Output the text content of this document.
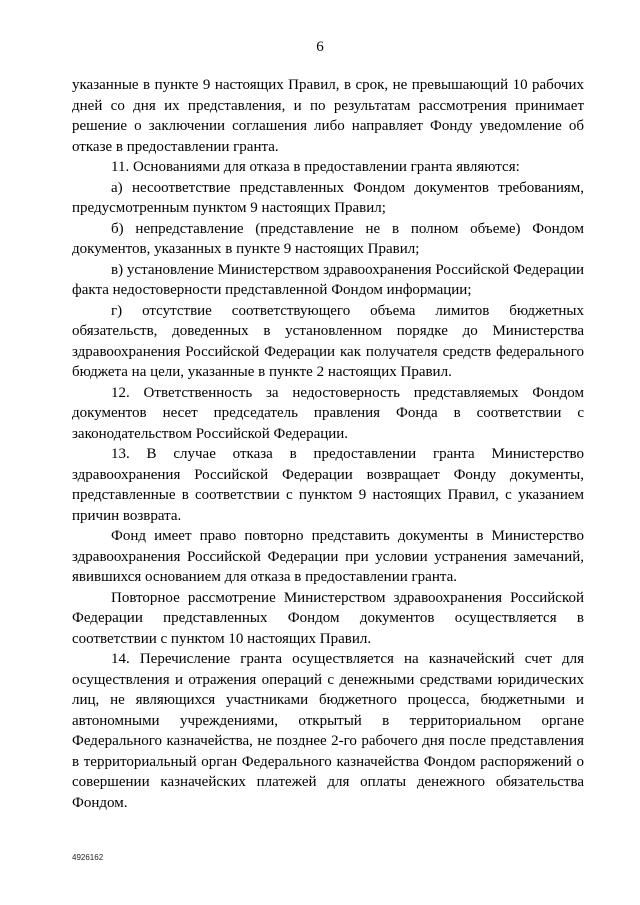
6

указанные в пункте 9 настоящих Правил, в срок, не превышающий 10 рабочих дней со дня их представления, и по результатам рассмотрения принимает решение о заключении соглашения либо направляет Фонду уведомление об отказе в предоставлении гранта.

11. Основаниями для отказа в предоставлении гранта являются:

а) несоответствие представленных Фондом документов требованиям, предусмотренным пунктом 9 настоящих Правил;

б) непредставление (представление не в полном объеме) Фондом документов, указанных в пункте 9 настоящих Правил;

в) установление Министерством здравоохранения Российской Федерации факта недостоверности представленной Фондом информации;

г) отсутствие соответствующего объема лимитов бюджетных обязательств, доведенных в установленном порядке до Министерства здравоохранения Российской Федерации как получателя средств федерального бюджета на цели, указанные в пункте 2 настоящих Правил.

12. Ответственность за недостоверность представляемых Фондом документов несет председатель правления Фонда в соответствии с законодательством Российской Федерации.

13. В случае отказа в предоставлении гранта Министерство здравоохранения Российской Федерации возвращает Фонду документы, представленные в соответствии с пунктом 9 настоящих Правил, с указанием причин возврата.

Фонд имеет право повторно представить документы в Министерство здравоохранения Российской Федерации при условии устранения замечаний, явившихся основанием для отказа в предоставлении гранта.

Повторное рассмотрение Министерством здравоохранения Российской Федерации представленных Фондом документов осуществляется в соответствии с пунктом 10 настоящих Правил.

14. Перечисление гранта осуществляется на казначейский счет для осуществления и отражения операций с денежными средствами юридических лиц, не являющихся участниками бюджетного процесса, бюджетными и автономными учреждениями, открытый в территориальном органе Федерального казначейства, не позднее 2-го рабочего дня после представления в территориальный орган Федерального казначейства Фондом распоряжений о совершении казначейских платежей для оплаты денежного обязательства Фондом.

4926162
